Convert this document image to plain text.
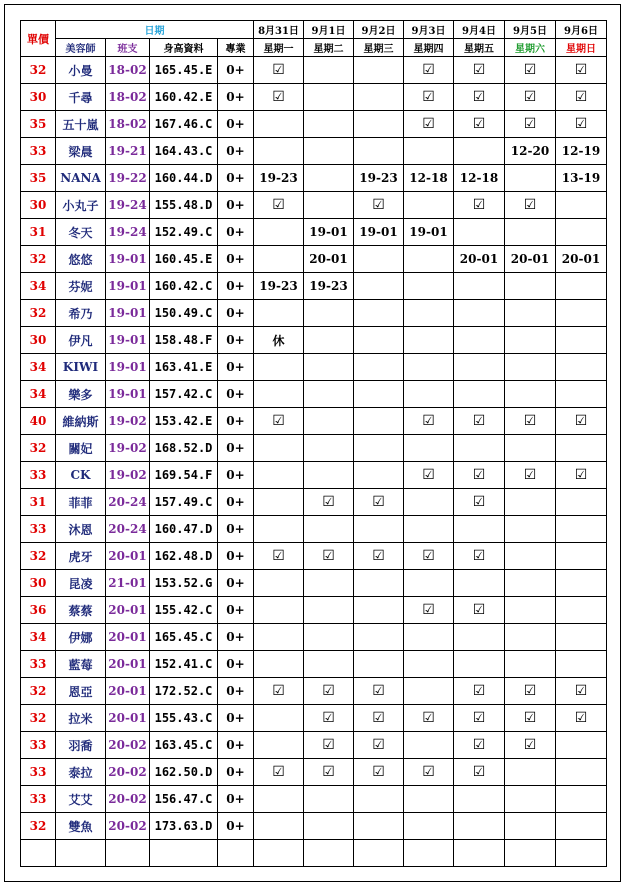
單價	日期				8月31日	9月1日	9月2日	9月3日	9月4日	9月5日	9月6日
	美容師	班支	身高資料	專業	星期一	星期二	星期三	星期四	星期五	星期六	星期日
32	小曼	18-02	165.45.E	0+	☑			☑	☑	☑	☑
30	千尋	18-02	160.42.E	0+	☑			☑	☑	☑	☑
35	五十嵐	18-02	167.46.C	0+				☑	☑	☑	☑
33	梁晨	19-21	164.43.C	0+						12-20	12-19
35	NANA	19-22	160.44.D	0+	19-23		19-23	12-18	12-18		13-19
30	小丸子	19-24	155.48.D	0+	☑		☑		☑	☑	
31	冬天	19-24	152.49.C	0+		19-01	19-01	19-01			
32	悠悠	19-01	160.45.E	0+		20-01			20-01	20-01	20-01
34	芬妮	19-01	160.42.C	0+	19-23	19-23					
32	希乃	19-01	150.49.C	0+							
30	伊凡	19-01	158.48.F	0+	休						
34	KIWI	19-01	163.41.E	0+							
34	樂多	19-01	157.42.C	0+							
40	維納斯	19-02	153.42.E	0+	☑			☑	☑	☑	☑
32	關妃	19-02	168.52.D	0+							
33	CK	19-02	169.54.F	0+				☑	☑	☑	☑
31	菲菲	20-24	157.49.C	0+		☑	☑		☑		
33	沐恩	20-24	160.47.D	0+							
32	虎牙	20-01	162.48.D	0+	☑	☑	☑	☑	☑		
30	昆凌	21-01	153.52.G	0+							
36	蔡蔡	20-01	155.42.C	0+				☑	☑		
34	伊娜	20-01	165.45.C	0+							
33	藍莓	20-01	152.41.C	0+							
32	恩亞	20-01	172.52.C	0+	☑	☑	☑		☑	☑	☑
32	拉米	20-01	155.43.C	0+		☑	☑	☑	☑	☑	☑
33	羽喬	20-02	163.45.C	0+		☑	☑		☑	☑	
33	泰拉	20-02	162.50.D	0+	☑	☑	☑	☑	☑		
33	艾艾	20-02	156.47.C	0+							
32	雙魚	20-02	173.63.D	0+							
